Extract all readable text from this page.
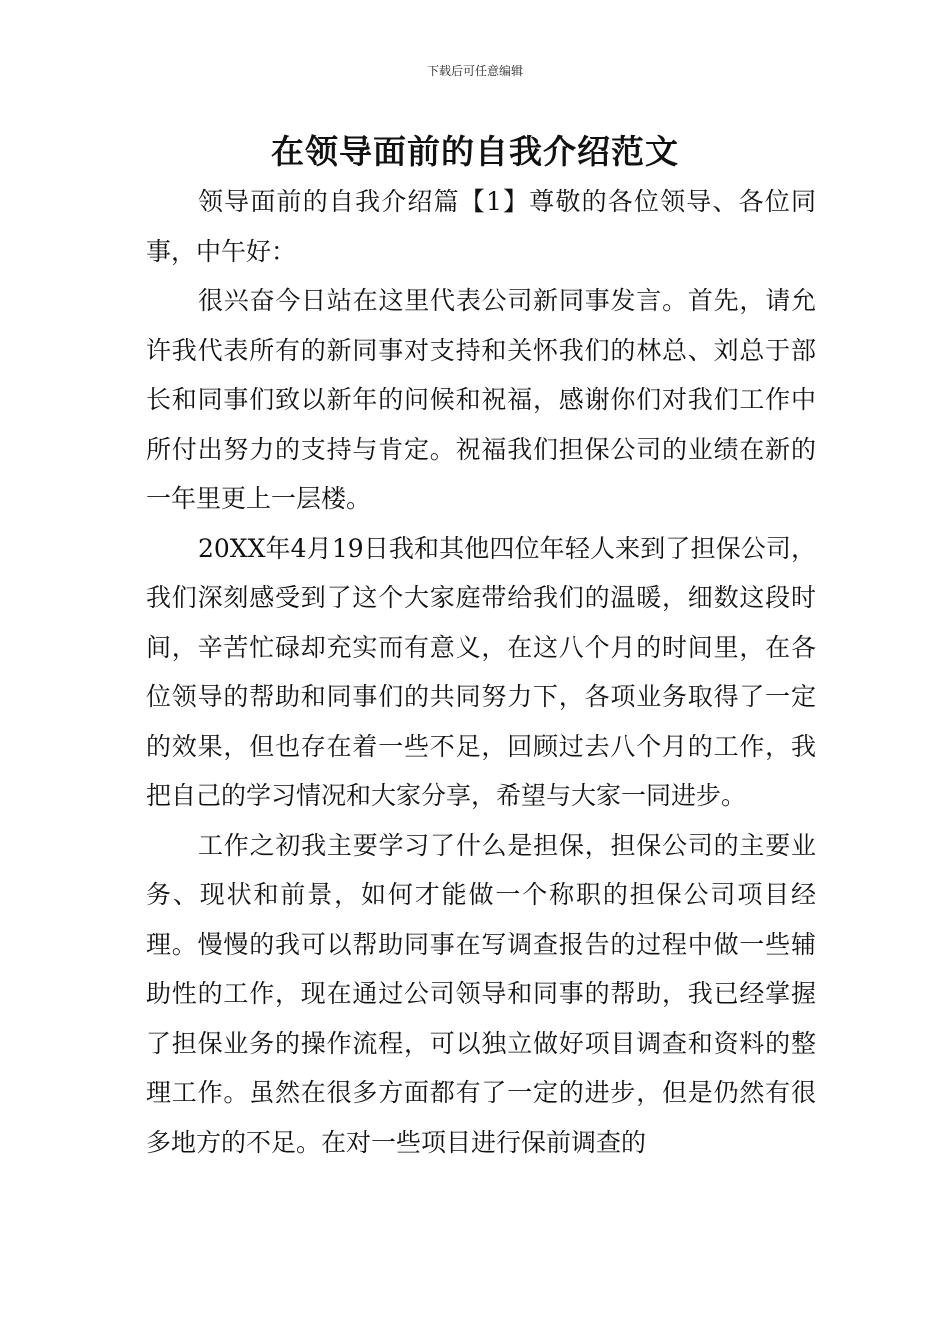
下载后可任意编辑
在领导面前的自我介绍范文

领导面前的自我介绍篇【1】尊敬的各位领导、各位同事，中午好：

很兴奋今日站在这里代表公司新同事发言。首先，请允许我代表所有的新同事对支持和关怀我们的林总、刘总于部长和同事们致以新年的问候和祝福，感谢你们对我们工作中所付出努力的支持与肯定。祝福我们担保公司的业绩在新的一年里更上一层楼。

20XX年4月19日我和其他四位年轻人来到了担保公司，我们深刻感受到了这个大家庭带给我们的温暖，细数这段时间，辛苦忙碌却充实而有意义，在这八个月的时间里，在各位领导的帮助和同事们的共同努力下，各项业务取得了一定的效果，但也存在着一些不足，回顾过去八个月的工作，我把自己的学习情况和大家分享，希望与大家一同进步。

工作之初我主要学习了什么是担保，担保公司的主要业务、现状和前景，如何才能做一个称职的担保公司项目经理。慢慢的我可以帮助同事在写调查报告的过程中做一些辅助性的工作，现在通过公司领导和同事的帮助，我已经掌握了担保业务的操作流程，可以独立做好项目调查和资料的整理工作。虽然在很多方面都有了一定的进步，但是仍然有很多地方的不足。在对一些项目进行保前调查的
